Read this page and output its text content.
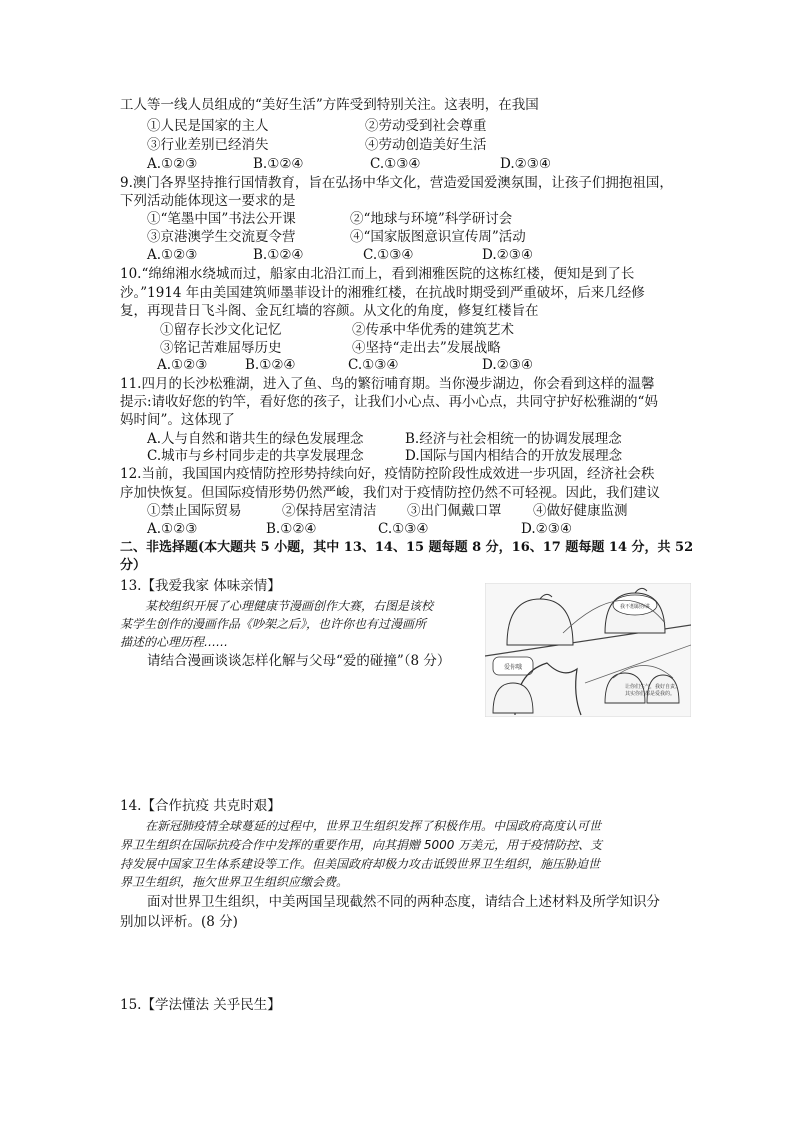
工人等一线人员组成的“美好生活”方阵受到特别关注。这表明，在我国
①人民是国家的主人	②劳动受到社会尊重
③行业差别已经消失	④劳动创造美好生活
A.①②③	B.①②④	C.①③④	D.②③④
9.澳门各界坚持推行国情教育，旨在弘扬中华文化，营造爱国爱澳氛围，让孩子们拥抱祖国，
下列活动能体现这一要求的是
①“笔墨中国”书法公开课	②“地球与环境”科学研讨会
③京港澳学生交流夏令营	④“国家版图意识宣传周”活动
A.①②③	B.①②④	C.①③④	D.②③④
10.“绵绵湘水绕城而过，船家由北沿江而上，看到湘雅医院的这栋红楼，便知是到了长
沙。”1914 年由美国建筑师墨菲设计的湘雅红楼，在抗战时期受到严重破坏，后来几经修
复，再现昔日飞斗阁、金瓦红墙的容颜。从文化的角度，修复红楼旨在
①留存长沙文化记忆	②传承中华优秀的建筑艺术
③铭记苦难屈辱历史	④坚持“走出去”发展战略
A.①②③	B.①②④	C.①③④	D.②③④
11.四月的长沙松雅湖，进入了鱼、鸟的繁衍哺育期。当你漫步湖边，你会看到这样的温馨
提示:请收好您的钓竿，看好您的孩子，让我们小心点、再小心点，共同守护好松雅湖的“妈
妈时间”。这体现了
A.人与自然和谐共生的绿色发展理念	B.经济与社会相统一的协调发展理念
C.城市与乡村同步走的共享发展理念	D.国际与国内相结合的开放发展理念
12.当前，我国国内疫情防控形势持续向好，疫情防控阶段性成效进一步巩固，经济社会秩
序加快恢复。但国际疫情形势仍然严峻，我们对于疫情防控仍然不可轻视。因此，我们建议
①禁止国际贸易	②保持居室清洁 ③出门佩戴口罩 ④做好健康监测
A.①②③	B.①②④	C.①③④	D.②③④
二、非选择题(本大题共 5 小题，其中 13、14、15 题每题 8 分，16、17 题每题 14 分，共 52
分）
13.【我爱我家 体味亲情】
某校组织开展了心理健康节漫画创作大赛，右图是该校
某学生创作的漫画作品《吵架之后》，也许你也有过漫画所
描述的心理历程……
请结合漫画谈谈怎样化解与父母“爱的碰撞”（8 分）
我不想跟你讲
爱你哦
让你们生气，我好自责。
其实你们都是爱我的。
14.【合作抗疫 共克时艰】
在新冠肺疫情全球蔓延的过程中，世界卫生组织发挥了积极作用。中国政府高度认可世
界卫生组织在国际抗疫合作中发挥的重要作用，向其捐赠 5000 万美元，用于疫情防控、支
持发展中国家卫生体系建设等工作。但美国政府却极力攻击诋毁世界卫生组织，施压胁迫世
界卫生组织，拖欠世界卫生组织应缴会费。
面对世界卫生组织，中美两国呈现截然不同的两种态度，请结合上述材料及所学知识分
别加以评析。(8 分)
15.【学法懂法 关乎民生】
